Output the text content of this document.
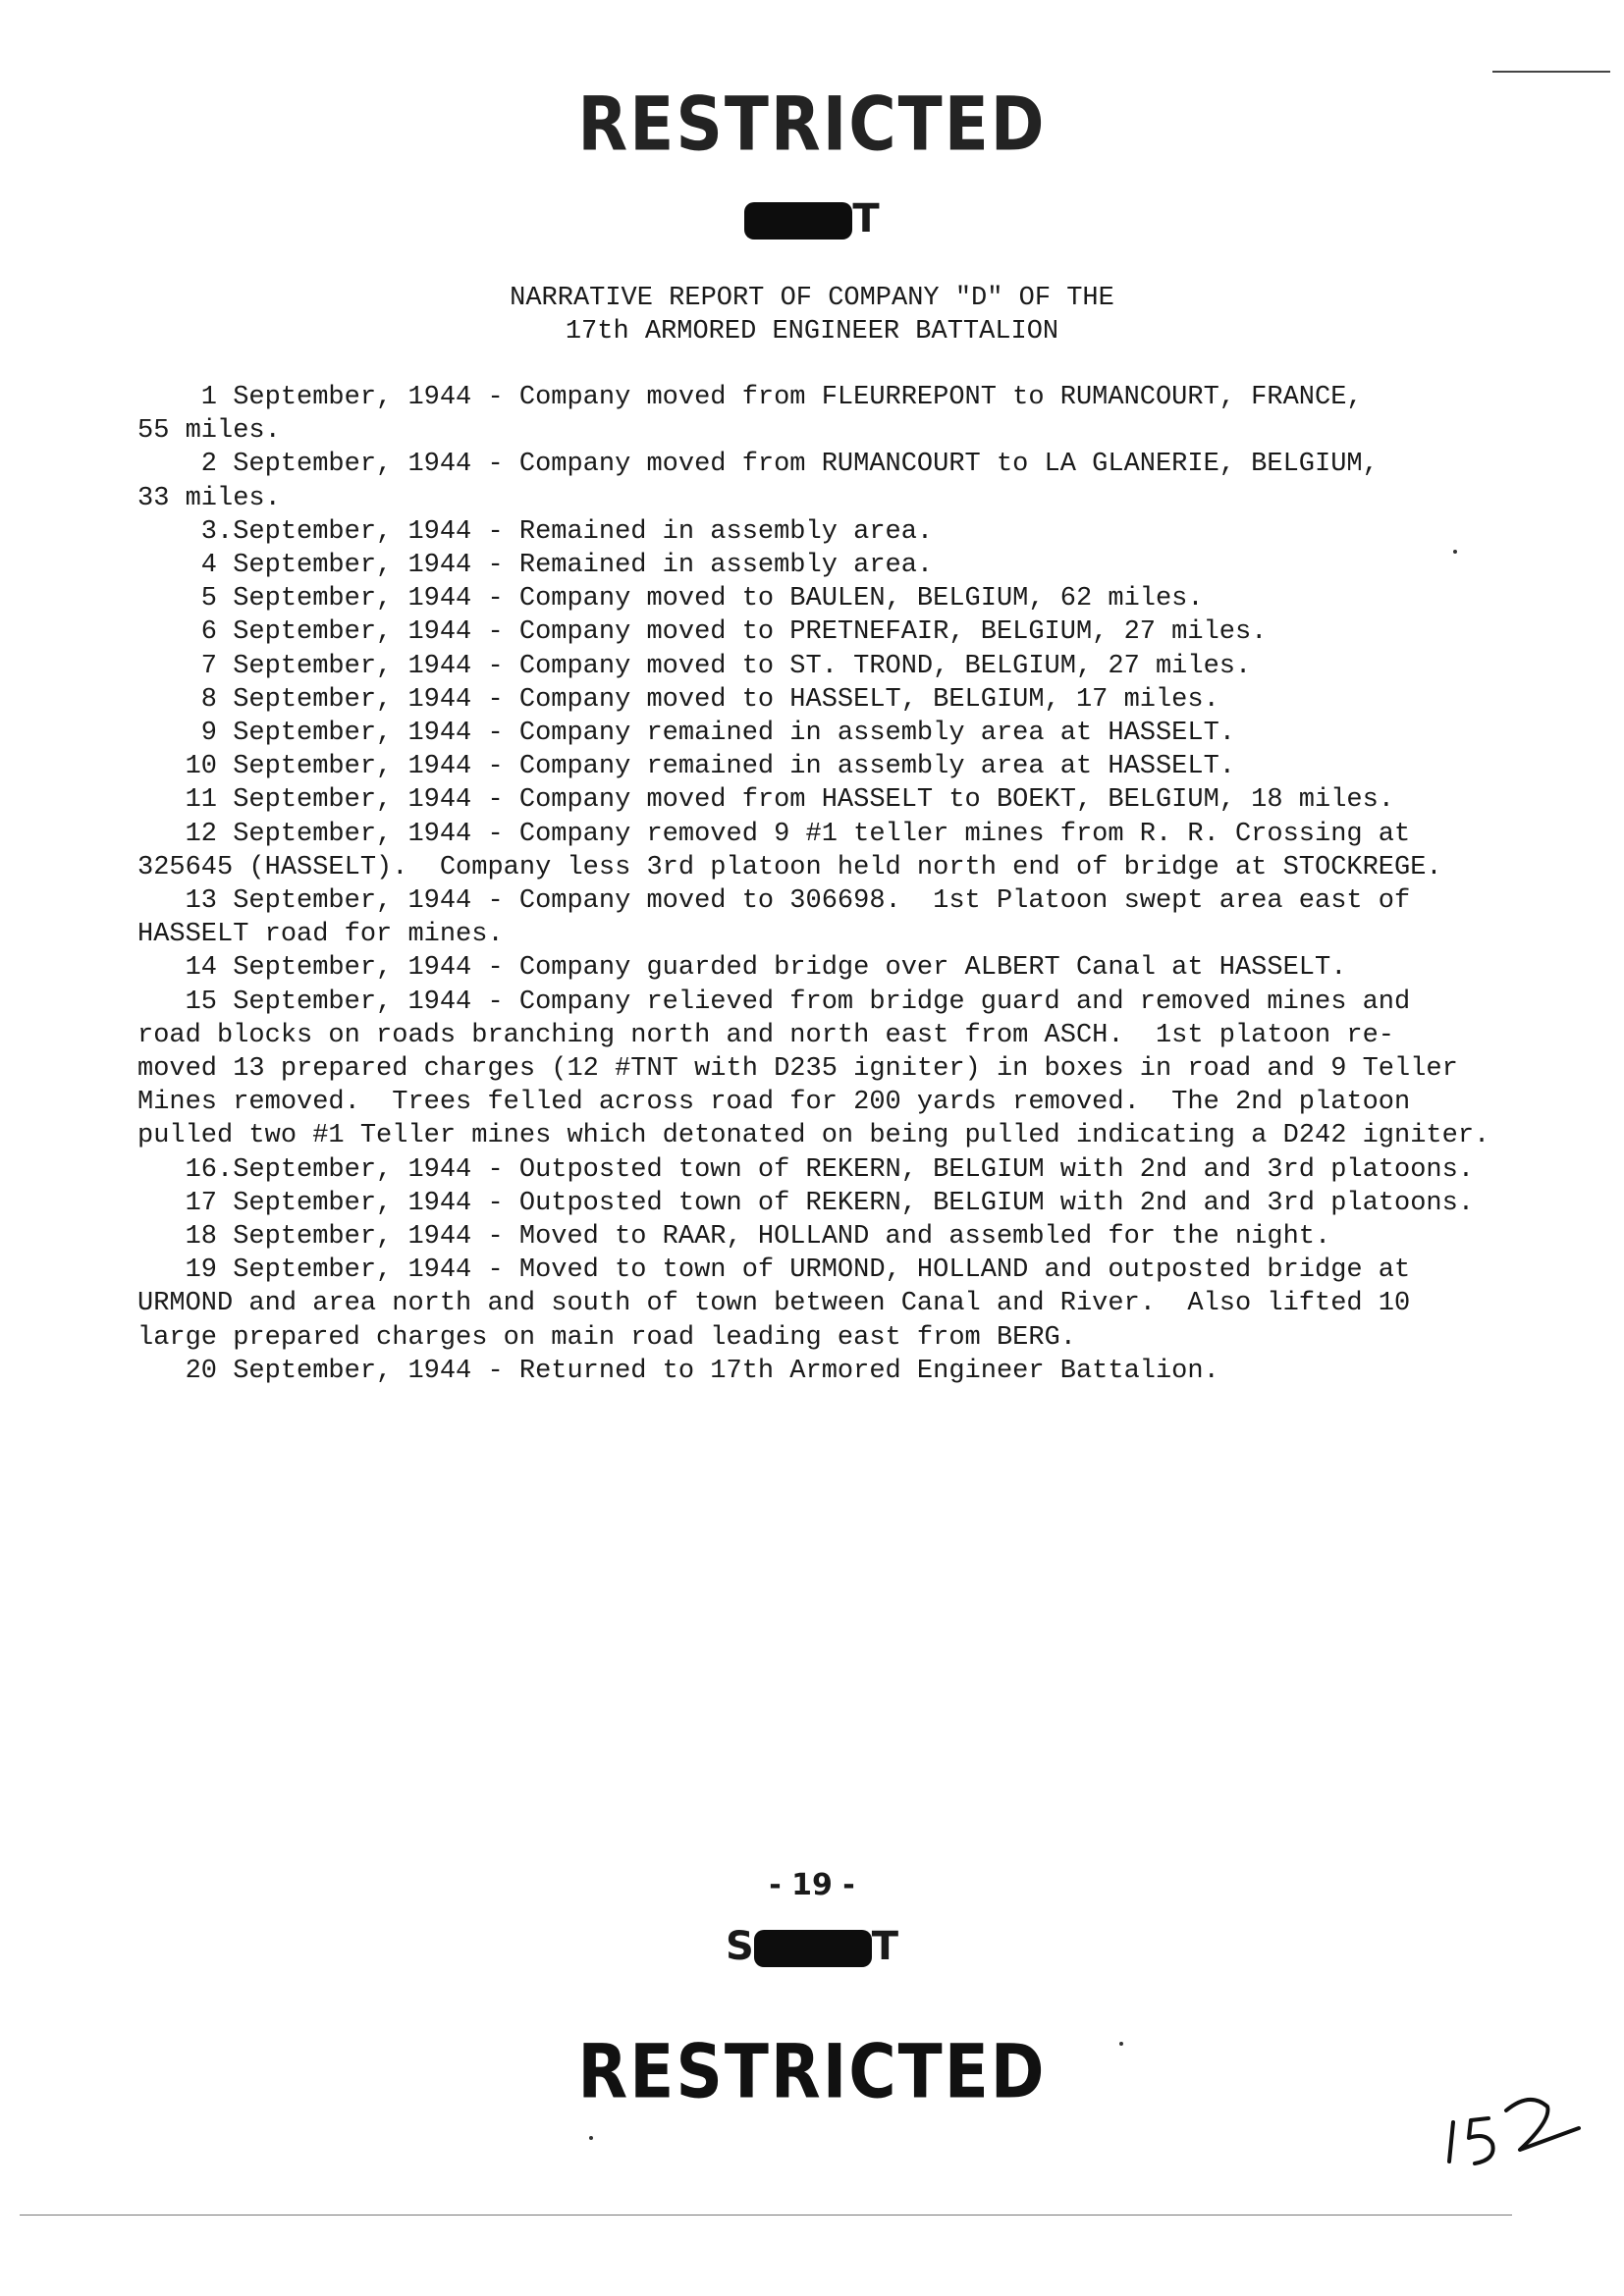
RESTRICTED
T
NARRATIVE REPORT OF COMPANY "D" OF THE
17th ARMORED ENGINEER BATTALION

1 September, 1944 - Company moved from FLEURREPONT to RUMANCOURT, FRANCE,

55 miles.

2 September, 1944 - Company moved from RUMANCOURT to LA GLANERIE, BELGIUM,

33 miles.

3.September, 1944 - Remained in assembly area.

4 September, 1944 - Remained in assembly area.

5 September, 1944 - Company moved to BAULEN, BELGIUM, 62 miles.

6 September, 1944 - Company moved to PRETNEFAIR, BELGIUM, 27 miles.

7 September, 1944 - Company moved to ST. TROND, BELGIUM, 27 miles.

8 September, 1944 - Company moved to HASSELT, BELGIUM, 17 miles.

9 September, 1944 - Company remained in assembly area at HASSELT.

10 September, 1944 - Company remained in assembly area at HASSELT.

11 September, 1944 - Company moved from HASSELT to BOEKT, BELGIUM, 18 miles.

12 September, 1944 - Company removed 9 #1 teller mines from R. R. Crossing at

325645 (HASSELT).  Company less 3rd platoon held north end of bridge at STOCKREGE.

13 September, 1944 - Company moved to 306698.  1st Platoon swept area east of

HASSELT road for mines.

14 September, 1944 - Company guarded bridge over ALBERT Canal at HASSELT.

15 September, 1944 - Company relieved from bridge guard and removed mines and

road blocks on roads branching north and north east from ASCH.  1st platoon re-

moved 13 prepared charges (12 #TNT with D235 igniter) in boxes in road and 9 Teller

Mines removed.  Trees felled across road for 200 yards removed.  The 2nd platoon

pulled two #1 Teller mines which detonated on being pulled indicating a D242 igniter.

16.September, 1944 - Outposted town of REKERN, BELGIUM with 2nd and 3rd platoons.

17 September, 1944 - Outposted town of REKERN, BELGIUM with 2nd and 3rd platoons.

18 September, 1944 - Moved to RAAR, HOLLAND and assembled for the night.

19 September, 1944 - Moved to town of URMOND, HOLLAND and outposted bridge at

URMOND and area north and south of town between Canal and River.  Also lifted 10

large prepared charges on main road leading east from BERG.

20 September, 1944 - Returned to 17th Armored Engineer Battalion.

- 19 -
S	T
RESTRICTED
